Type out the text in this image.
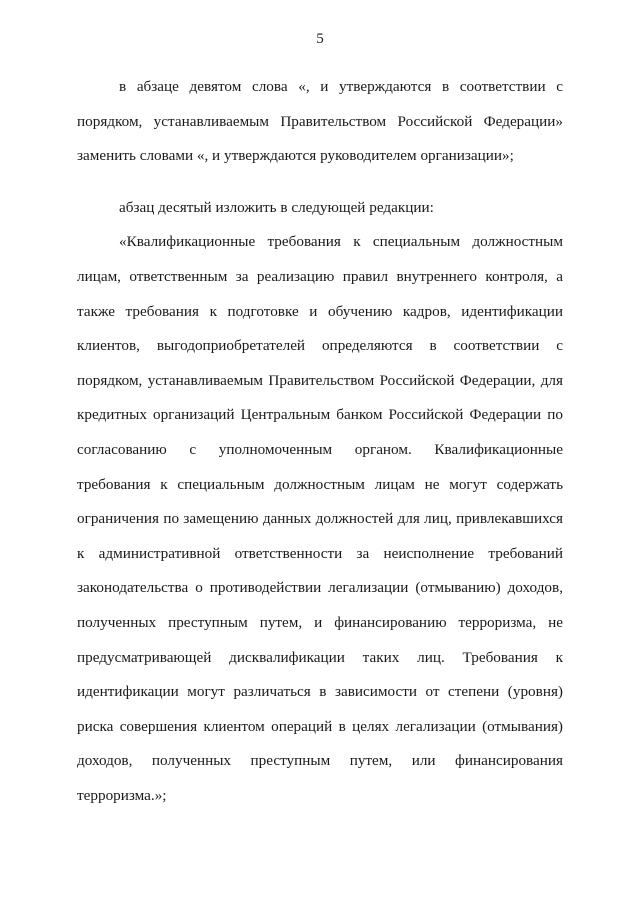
5

в абзаце девятом слова «, и утверждаются в соответствии с порядком, устанавливаемым Правительством Российской Федерации» заменить словами «, и утверждаются руководителем организации»;

абзац десятый изложить в следующей редакции:

«Квалификационные требования к специальным должностным лицам, ответственным за реализацию правил внутреннего контроля, а также требования к подготовке и обучению кадров, идентификации клиентов, выгодоприобретателей определяются в соответствии с порядком, устанавливаемым Правительством Российской Федерации, для кредитных организаций Центральным банком Российской Федерации по согласованию с уполномоченным органом. Квалификационные требования к специальным должностным лицам не могут содержать ограничения по замещению данных должностей для лиц, привлекавшихся к административной ответственности за неисполнение требований законодательства о противодействии легализации (отмыванию) доходов, полученных преступным путем, и финансированию терроризма, не предусматривающей дисквалификации таких лиц. Требования к идентификации могут различаться в зависимости от степени (уровня) риска совершения клиентом операций в целях легализации (отмывания) доходов, полученных преступным путем, или финансирования терроризма.»;
